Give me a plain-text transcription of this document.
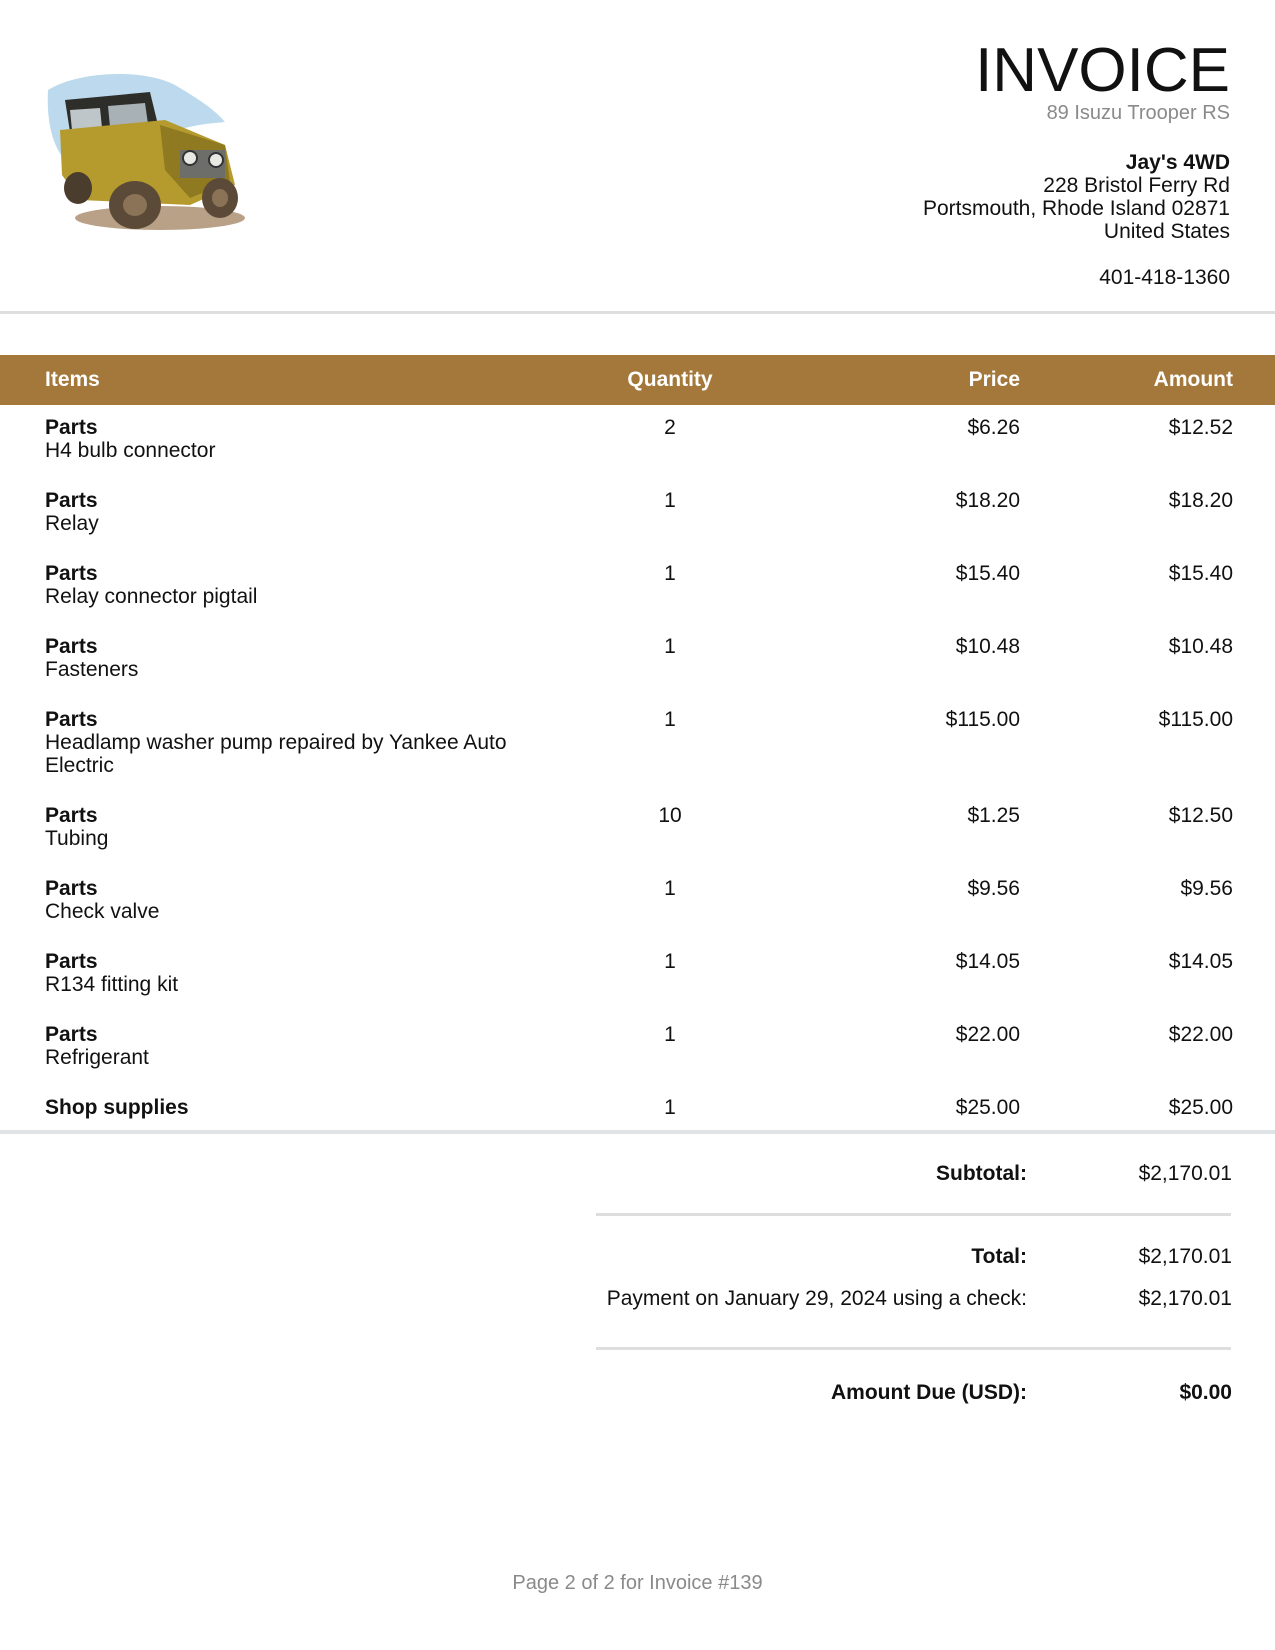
INVOICE
89 Isuzu Trooper RS
Jay's 4WD
228 Bristol Ferry Rd
Portsmouth, Rhode Island 02871
United States
401-418-1360
Items	Quantity	Price	Amount
Parts
H4 bulb connector
2	$6.26	$12.52
Parts
Relay
1	$18.20	$18.20
Parts
Relay connector pigtail
1	$15.40	$15.40
Parts
Fasteners
1	$10.48	$10.48
Parts
Headlamp washer pump repaired by Yankee Auto Electric
1	$115.00	$115.00
Parts
Tubing
10	$1.25	$12.50
Parts
Check valve
1	$9.56	$9.56
Parts
R134 fitting kit
1	$14.05	$14.05
Parts
Refrigerant
1	$22.00	$22.00
Shop supplies	1	$25.00	$25.00
Subtotal:	$2,170.01
Total:	$2,170.01
Payment on January 29, 2024 using a check:	$2,170.01
Amount Due (USD):	$0.00
Page 2 of 2 for Invoice #139
